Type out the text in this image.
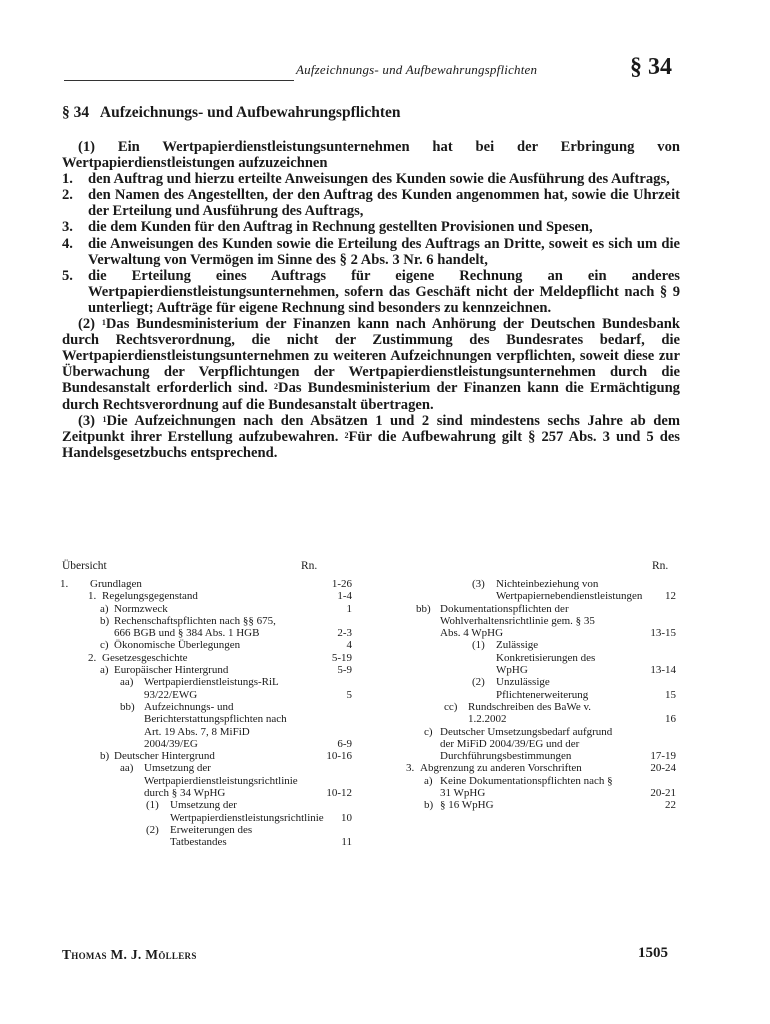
Aufzeichnungs- und Aufbewahrungspflichten	§ 34
§ 34 Aufzeichnungs- und Aufbewahrungspflichten

(1) Ein Wertpapierdienstleistungsunternehmen hat bei der Erbringung von Wertpapierdienstleistungen aufzuzeichnen

1. den Auftrag und hierzu erteilte Anweisungen des Kunden sowie die Ausführung des Auftrags,
2. den Namen des Angestellten, der den Auftrag des Kunden angenommen hat, sowie die Uhrzeit der Erteilung und Ausführung des Auftrags,
3. die dem Kunden für den Auftrag in Rechnung gestellten Provisionen und Spesen,
4. die Anweisungen des Kunden sowie die Erteilung des Auftrags an Dritte, soweit es sich um die Verwaltung von Vermögen im Sinne des § 2 Abs. 3 Nr. 6 handelt,
5. die Erteilung eines Auftrags für eigene Rechnung an ein anderes Wertpapierdienstleistungsunternehmen, sofern das Geschäft nicht der Meldepflicht nach § 9 unterliegt; Aufträge für eigene Rechnung sind besonders zu kennzeichnen.

(2) $^1$Das Bundesministerium der Finanzen kann nach Anhörung der Deutschen Bundesbank durch Rechtsverordnung, die nicht der Zustimmung des Bundesrates bedarf, die Wertpapierdienstleistungsunternehmen zu weiteren Aufzeichnungen verpflichten, soweit diese zur Überwachung der Verpflichtungen der Wertpapierdienstleistungsunternehmen durch die Bundesanstalt erforderlich sind. $^2$Das Bundesministerium der Finanzen kann die Ermächtigung durch Rechtsverordnung auf die Bundesanstalt übertragen.

(3) $^1$Die Aufzeichnungen nach den Absätzen 1 und 2 sind mindestens sechs Jahre ab dem Zeitpunkt ihrer Erstellung aufzubewahren. $^2$Für die Aufbewahrung gilt § 257 Abs. 3 und 5 des Handelsgesetzbuchs entsprechend.

Übersicht	Rn.	Rn.
1. Grundlagen	1-26
1. Regelungsgegenstand	1-4
a) Normzweck	1
b) Rechenschaftspflichten nach §§ 675, 666 BGB und § 384 Abs. 1 HGB	2-3
c) Ökonomische Überlegungen	4
2. Gesetzesgeschichte	5-19
a) Europäischer Hintergrund	5-9
aa) Wertpapierdienstleistungs-RiL 93/22/EWG	5
bb) Aufzeichnungs- und Berichterstattungspflichten nach Art. 19 Abs. 7, 8 MiFiD 2004/39/EG	6-9
b) Deutscher Hintergrund	10-16
aa) Umsetzung der Wertpapierdienstleistungsrichtlinie durch § 34 WpHG	10-12
(1) Umsetzung der Wertpapierdienstleistungsrichtlinie 10
(2) Erweiterungen des Tatbestandes	11
(3) Nichteinbeziehung von Wertpapiernebendienstleistungen 12
bb) Dokumentationspflichten der Wohlverhaltensrichtlinie gem. § 35 Abs. 4 WpHG	13-15
(1) Zulässige Konkretisierungen des WpHG	13-14
(2) Unzulässige Pflichtenerweiterung	15
cc) Rundschreiben des BaWe v. 1.2.2002	16
c) Deutscher Umsetzungsbedarf aufgrund der MiFiD 2004/39/EG und der Durchführungsbestimmungen	17-19
3. Abgrenzung zu anderen Vorschriften	20-24
a) Keine Dokumentationspflichten nach § 31 WpHG	20-21
b) § 16 WpHG	22
Thomas M. J. Möllers	1505
